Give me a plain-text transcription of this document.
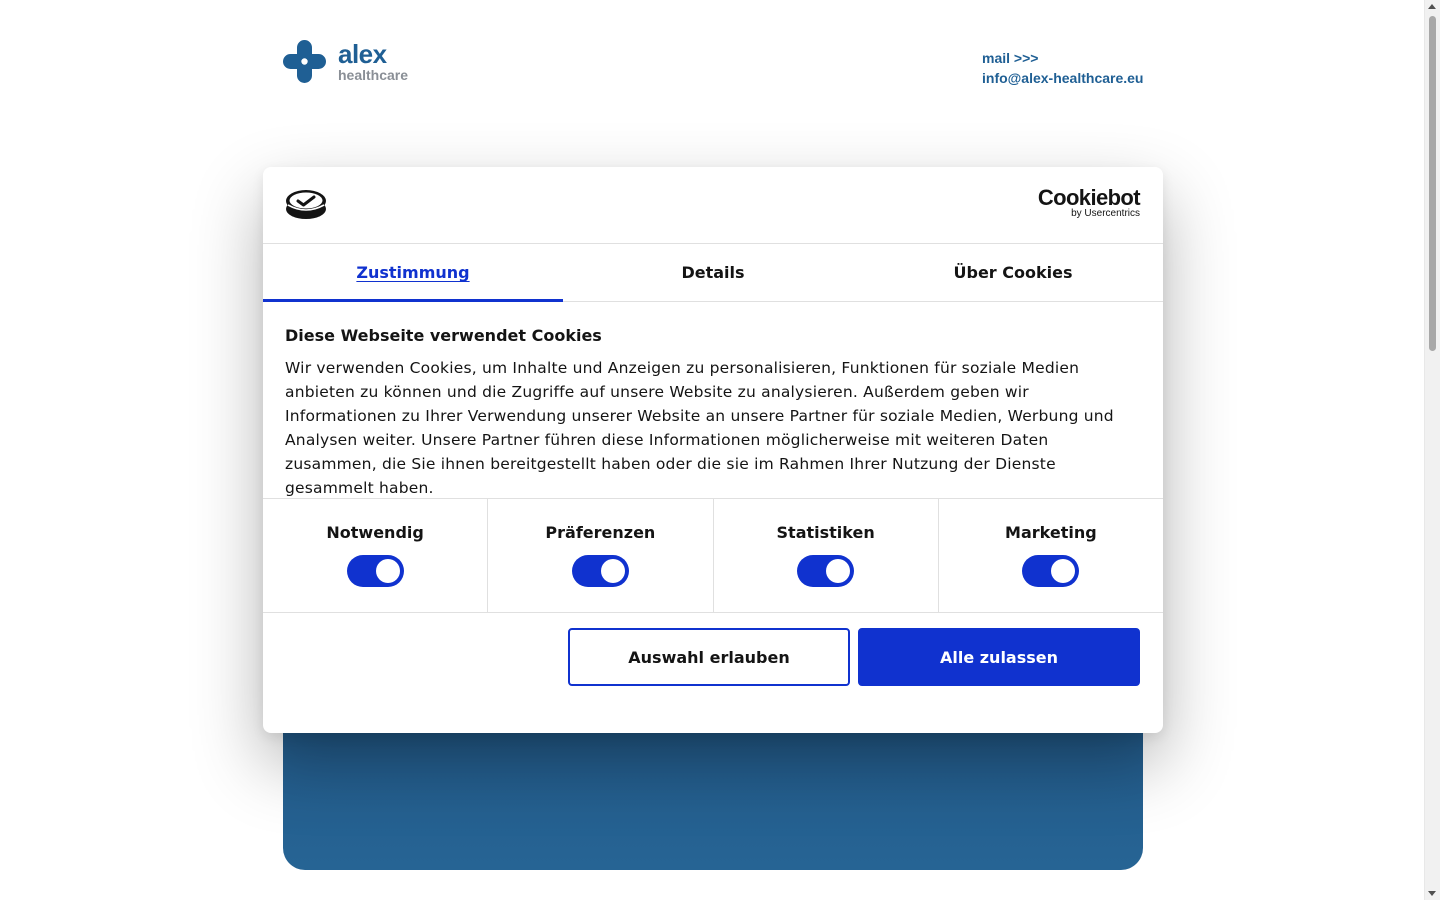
alex
healthcare
mail >>>
info@alex-healthcare.eu
Cookiebot
by Usercentrics
Zustimmung	Details	Über Cookies
Diese Webseite verwendet Cookies

Wir verwenden Cookies, um Inhalte und Anzeigen zu personalisieren, Funktionen für soziale Medien anbieten zu können und die Zugriffe auf unsere Website zu analysieren. Außerdem geben wir Informationen zu Ihrer Verwendung unserer Website an unsere Partner für soziale Medien, Werbung und Analysen weiter. Unsere Partner führen diese Informationen möglicherweise mit weiteren Daten zusammen, die Sie ihnen bereitgestellt haben oder die sie im Rahmen Ihrer Nutzung der Dienste gesammelt haben.

Notwendig	Präferenzen	Statistiken	Marketing
Auswahl erlauben	Alle zulassen
